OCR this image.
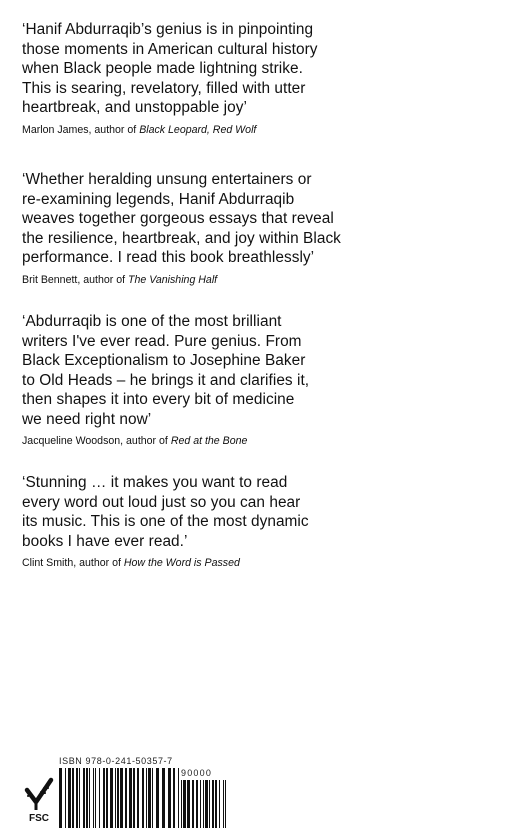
‘Hanif Abdurraqib’s genius is in pinpointing
those moments in American cultural history
when Black people made lightning strike.
This is searing, revelatory, filled with utter
heartbreak, and unstoppable joy’

Marlon James, author of Black Leopard, Red Wolf

‘Whether heralding unsung entertainers or
re-examining legends, Hanif Abdurraqib
weaves together gorgeous essays that reveal
the resilience, heartbreak, and joy within Black
performance. I read this book breathlessly’

Brit Bennett, author of The Vanishing Half

‘Abdurraqib is one of the most brilliant
writers I've ever read. Pure genius. From
Black Exceptionalism to Josephine Baker
to Old Heads – he brings it and clarifies it,
then shapes it into every bit of medicine
we need right now’

Jacqueline Woodson, author of Red at the Bone

‘Stunning … it makes you want to read
every word out loud just so you can hear
its music. This is one of the most dynamic
books I have ever read.’

Clint Smith, author of How the Word is Passed
ISBN 978-0-241-50357-7
FSC
90000
